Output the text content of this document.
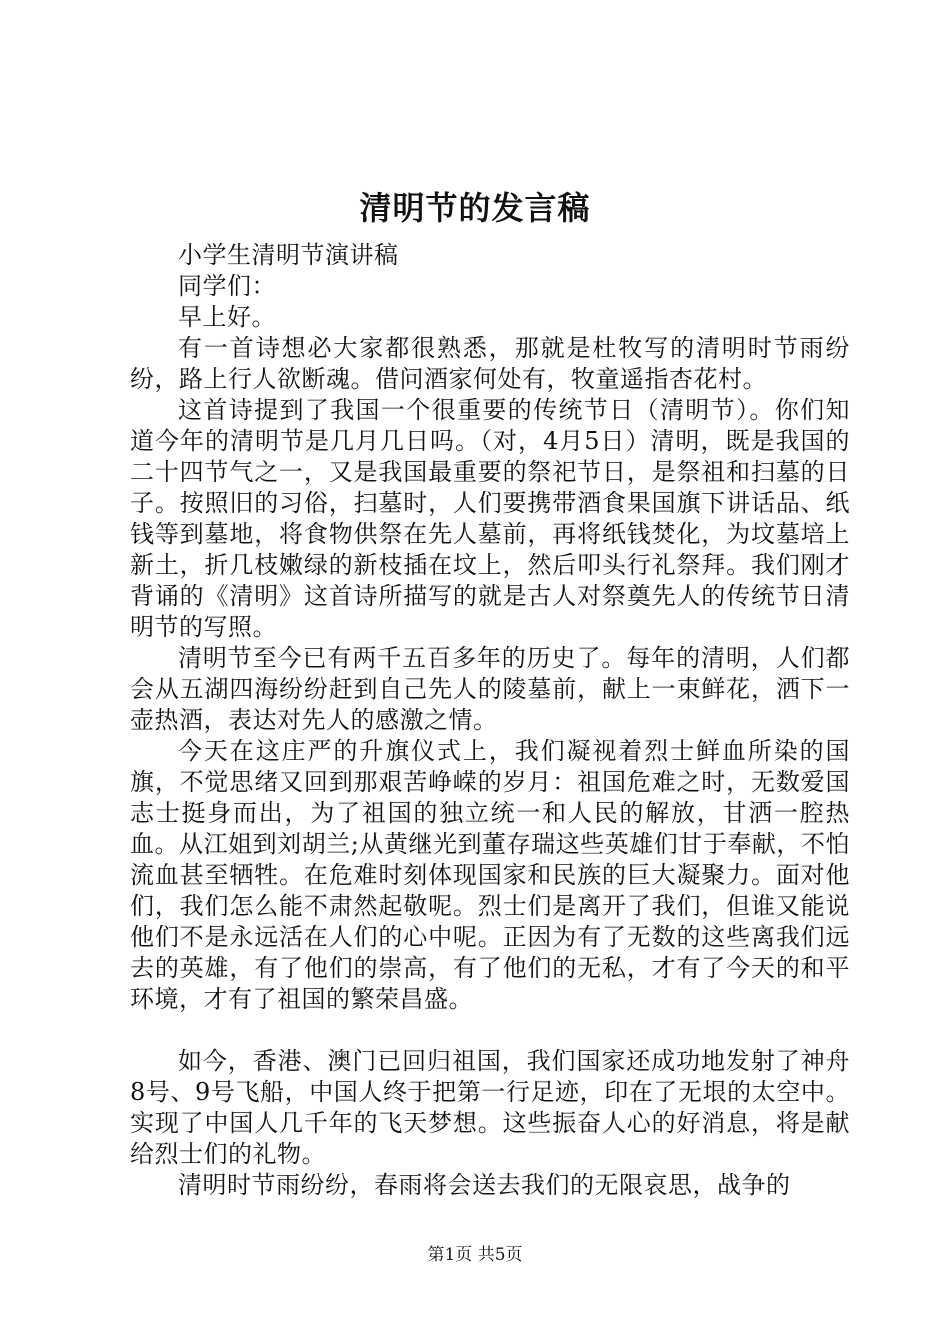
清明节的发言稿

小学生清明节演讲稿

同学们：

早上好。

有一首诗想必大家都很熟悉，那就是杜牧写的清明时节雨纷纷，路上行人欲断魂。借问酒家何处有，牧童遥指杏花村。

这首诗提到了我国一个很重要的传统节日（清明节）。你们知道今年的清明节是几月几日吗。（对，4月5日）清明，既是我国的二十四节气之一，又是我国最重要的祭祀节日，是祭祖和扫墓的日子。按照旧的习俗，扫墓时，人们要携带酒食果国旗下讲话品、纸钱等到墓地，将食物供祭在先人墓前，再将纸钱焚化，为坟墓培上新土，折几枝嫩绿的新枝插在坟上，然后叩头行礼祭拜。我们刚才背诵的《清明》这首诗所描写的就是古人对祭奠先人的传统节日清明节的写照。

清明节至今已有两千五百多年的历史了。每年的清明，人们都会从五湖四海纷纷赶到自己先人的陵墓前，献上一束鲜花，洒下一壶热酒，表达对先人的感激之情。

今天在这庄严的升旗仪式上，我们凝视着烈士鲜血所染的国旗，不觉思绪又回到那艰苦峥嵘的岁月：祖国危难之时，无数爱国志士挺身而出，为了祖国的独立统一和人民的解放，甘洒一腔热血。从江姐到刘胡兰;从黄继光到董存瑞这些英雄们甘于奉献，不怕流血甚至牺牲。在危难时刻体现国家和民族的巨大凝聚力。面对他们，我们怎么能不肃然起敬呢。烈士们是离开了我们，但谁又能说他们不是永远活在人们的心中呢。正因为有了无数的这些离我们远去的英雄，有了他们的崇高，有了他们的无私，才有了今天的和平环境，才有了祖国的繁荣昌盛。

如今，香港、澳门已回归祖国，我们国家还成功地发射了神舟8号、9号飞船，中国人终于把第一行足迹，印在了无垠的太空中。实现了中国人几千年的飞天梦想。这些振奋人心的好消息，将是献给烈士们的礼物。

清明时节雨纷纷，春雨将会送去我们的无限哀思，战争的

第1页 共5页
